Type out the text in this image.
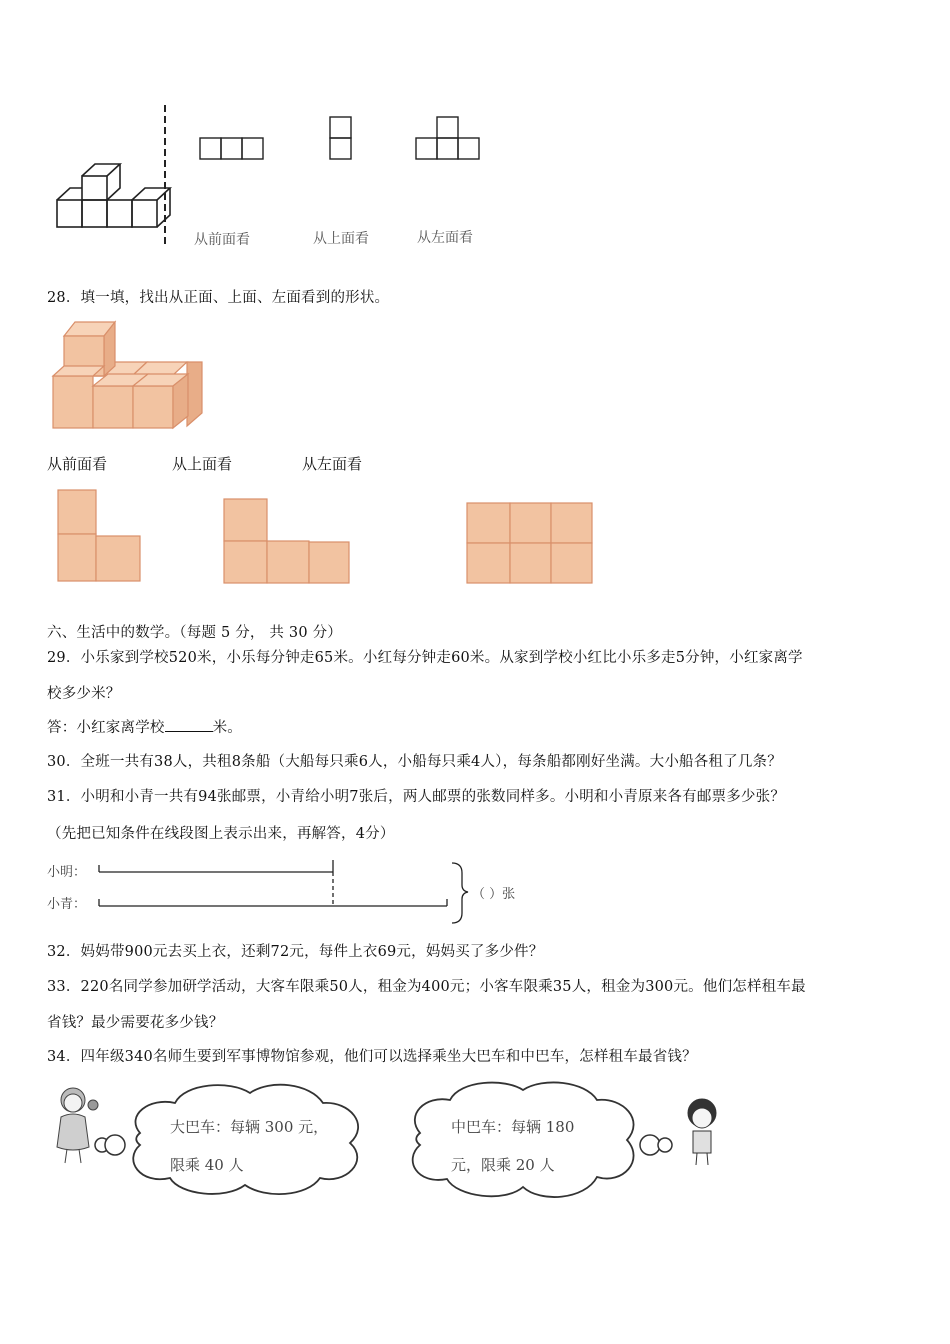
从前面看	从上面看	从左面看
28．填一填，找出从正面、上面、左面看到的形状。
从前面看	从上面看	从左面看
六、生活中的数学。（每题 5 分， 共 30 分）
29．小乐家到学校520米，小乐每分钟走65米。小红每分钟走60米。从家到学校小红比小乐多走5分钟，小红家离学
校多少米？
答：小红家离学校	米。
30．全班一共有38人，共租8条船（大船每只乘6人，小船每只乘4人），每条船都刚好坐满。大小船各租了几条？
31．小明和小青一共有94张邮票，小青给小明7张后，两人邮票的张数同样多。小明和小青原来各有邮票多少张？
（先把已知条件在线段图上表示出来，再解答，4分）
小明：
小青：
（ ）张
32．妈妈带900元去买上衣，还剩72元，每件上衣69元，妈妈买了多少件？
33．220名同学参加研学活动，大客车限乘50人，租金为400元；小客车限乘35人，租金为300元。他们怎样租车最
省钱？最少需要花多少钱？
34．四年级340名师生要到军事博物馆参观，他们可以选择乘坐大巴车和中巴车，怎样租车最省钱？
大巴车：每辆 300 元，
限乘 40 人
中巴车：每辆 180
元，限乘 20 人
